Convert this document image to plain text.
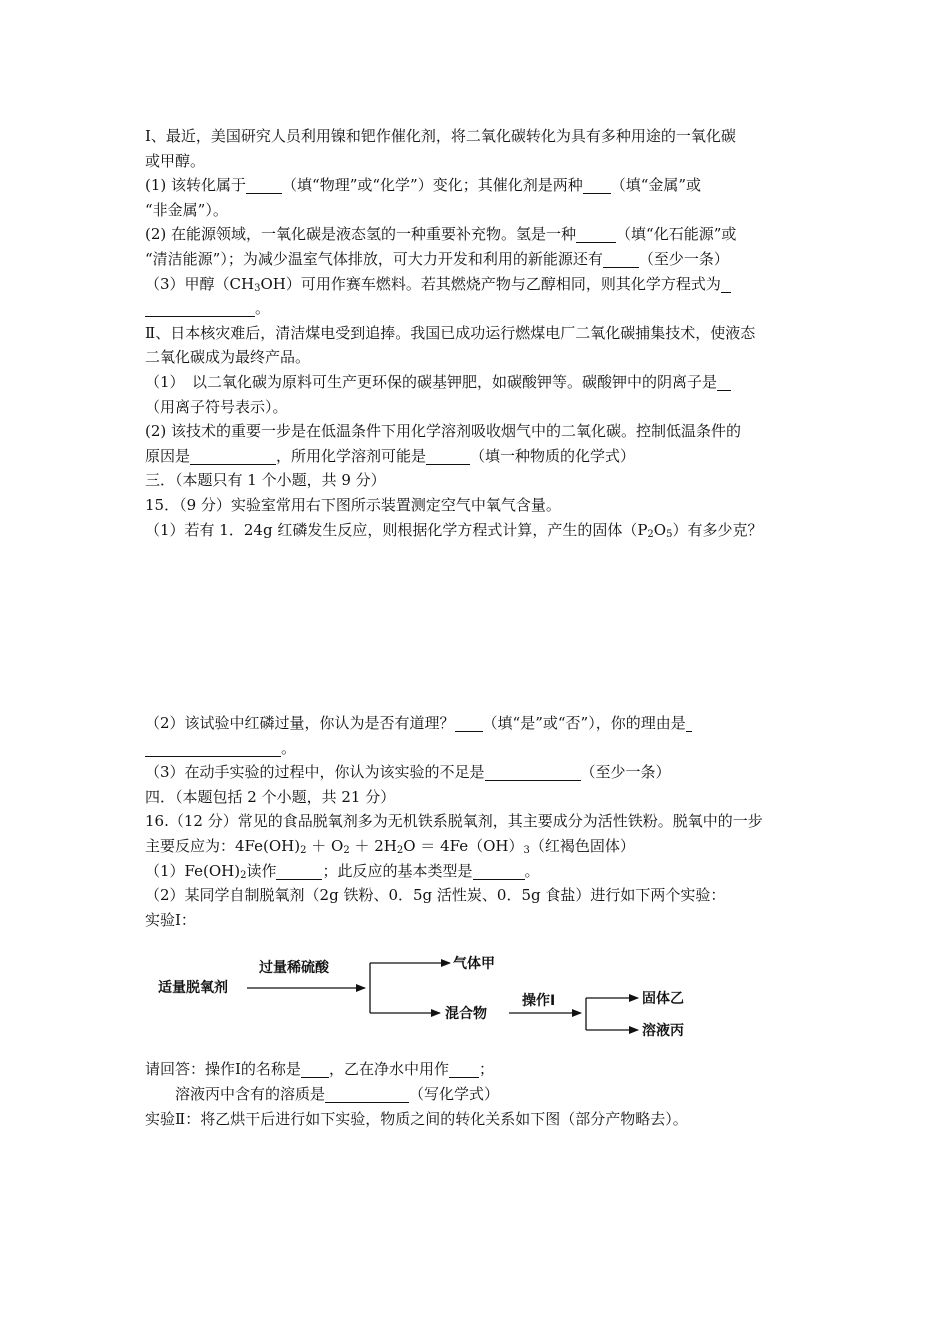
Ⅰ、最近，美国研究人员利用镍和钯作催化剂，将二氧化碳转化为具有多种用途的一氧化碳
或甲醇。
(1) 该转化属于 （填“物理”或“化学”）变化；其催化剂是两种 （填“金属”或
“非金属”）。
(2) 在能源领域，一氧化碳是液态氢的一种重要补充物。氢是一种	（填“化石能源”或
“清洁能源”）；为减少温室气体排放，可大力开发和利用的新能源还有 （至少一条）
（3）甲醇$(CH_3OH)$可用作赛车燃料。若其燃烧产物与乙醇相同，则其化学方程式为
。
Ⅱ、日本核灾难后，清洁煤电受到追捧。我国已成功运行燃煤电厂二氧化碳捕集技术，使液态
二氧化碳成为最终产品。
（1）　以二氧化碳为原料可生产更环保的碳基钾肥，如碳酸钾等。碳酸钾中的阴离子是
（用离子符号表示）。
(2) 该技术的重要一步是在低温条件下用化学溶剂吸收烟气中的二氧化碳。控制低温条件的
原因是	，所用化学溶剂可能是	（填一种物质的化学式）
三．（本题只有 1 个小题，共 9 分）
15．（9 分）实验室常用右下图所示装置测定空气中氧气含量。
（1）若有 1．24g 红磷发生反应，则根据化学方程式计算，产生的固体$(P_2O_5)$有多少克？
（2）该试验中红磷过量，你认为是否有道理？ （填“是”或“否”），你的理由是
。
（3）在动手实验的过程中，你认为该实验的不足是	（至少一条）
四．（本题包括 2 个小题，共 21 分）
16.（12 分）常见的食品脱氧剂多为无机铁系脱氧剂，其主要成分为活性铁粉。脱氧中的一步
主要反应为：$4Fe(OH)_2 + O_2 + 2H_2O = 4Fe(OH)_3$（红褐色固体）
$(1)Fe(OH)_2$读作	；此反应的基本类型是	。
（2）某同学自制脱氧剂（2g 铁粉、0．5g 活性炭、0．5g 食盐）进行如下两个实验：
实验Ⅰ：
适量脱氧剂
过量稀硫酸	气体甲
混合物
操作Ⅰ	固体乙
溶液丙
请回答：操作Ⅰ的名称是 ，乙在净水中用作 ；
溶液丙中含有的溶质是	（写化学式）
实验Ⅱ：将乙烘干后进行如下实验，物质之间的转化关系如下图（部分产物略去）。
